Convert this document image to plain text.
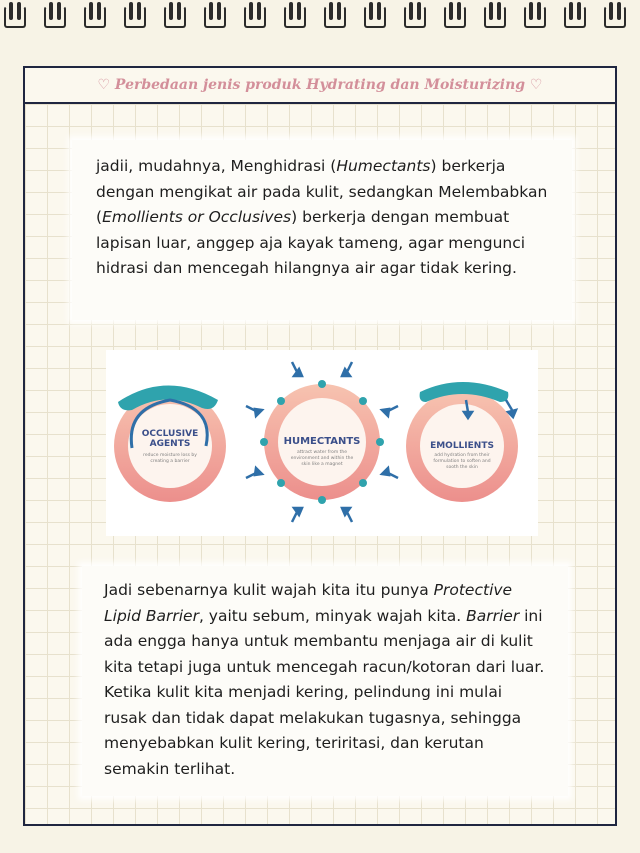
♡ Perbedaan jenis produk Hydrating dan Moisturizing ♡
jadii, mudahnya, Menghidrasi (Humectants) berkerja dengan mengikat air pada kulit, sedangkan Melembabkan (Emollients or Occlusives) berkerja dengan membuat lapisan luar, anggep aja kayak tameng, agar mengunci hidrasi dan mencegah hilangnya air agar tidak kering.
OCCLUSIVE
AGENTS
reduce moisture loss by
creating a barrier
HUMECTANTS
attract water from the
environment and within the
skin like a magnet
EMOLLIENTS
add hydration from their
formulation to soften and
sooth the skin
Jadi sebenarnya kulit wajah kita itu punya Protective Lipid Barrier, yaitu sebum, minyak wajah kita. Barrier ini ada engga hanya untuk membantu menjaga air di kulit kita tetapi juga untuk mencegah racun/kotoran dari luar. Ketika kulit kita menjadi kering, pelindung ini mulai rusak dan tidak dapat melakukan tugasnya, sehingga menyebabkan kulit kering, teriritasi, dan kerutan semakin terlihat.
